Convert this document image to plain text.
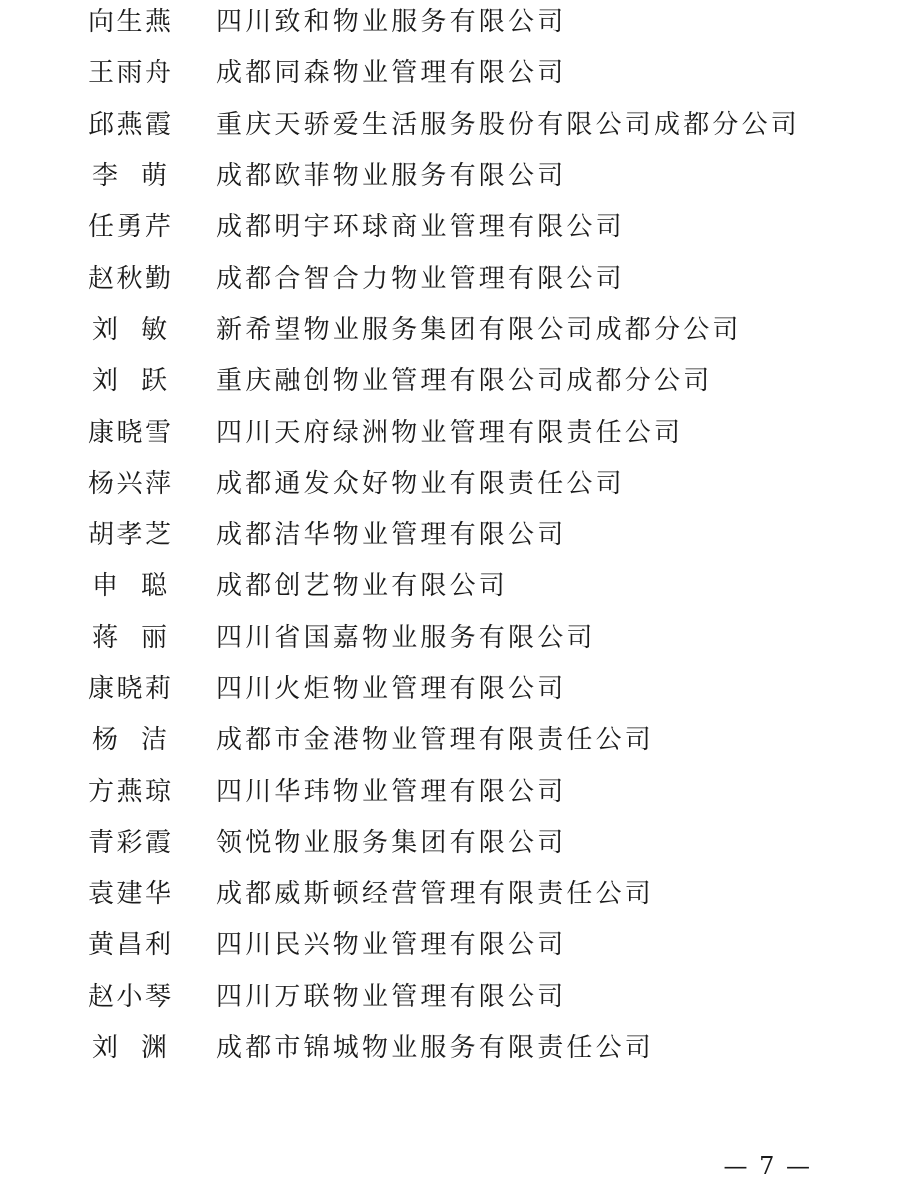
向生燕	四川致和物业服务有限公司
王雨舟	成都同森物业管理有限公司
邱燕霞	重庆天骄爱生活服务股份有限公司成都分公司
李萌	成都欧菲物业服务有限公司
任勇芹	成都明宇环球商业管理有限公司
赵秋勤	成都合智合力物业管理有限公司
刘敏	新希望物业服务集团有限公司成都分公司
刘跃	重庆融创物业管理有限公司成都分公司
康晓雪	四川天府绿洲物业管理有限责任公司
杨兴萍	成都通发众好物业有限责任公司
胡孝芝	成都洁华物业管理有限公司
申聪	成都创艺物业有限公司
蒋丽	四川省国嘉物业服务有限公司
康晓莉	四川火炬物业管理有限公司
杨洁	成都市金港物业管理有限责任公司
方燕琼	四川华玮物业管理有限公司
青彩霞	领悦物业服务集团有限公司
袁建华	成都威斯顿经营管理有限责任公司
黄昌利	四川民兴物业管理有限公司
赵小琴	四川万联物业管理有限公司
刘渊	成都市锦城物业服务有限责任公司
— 7 —
